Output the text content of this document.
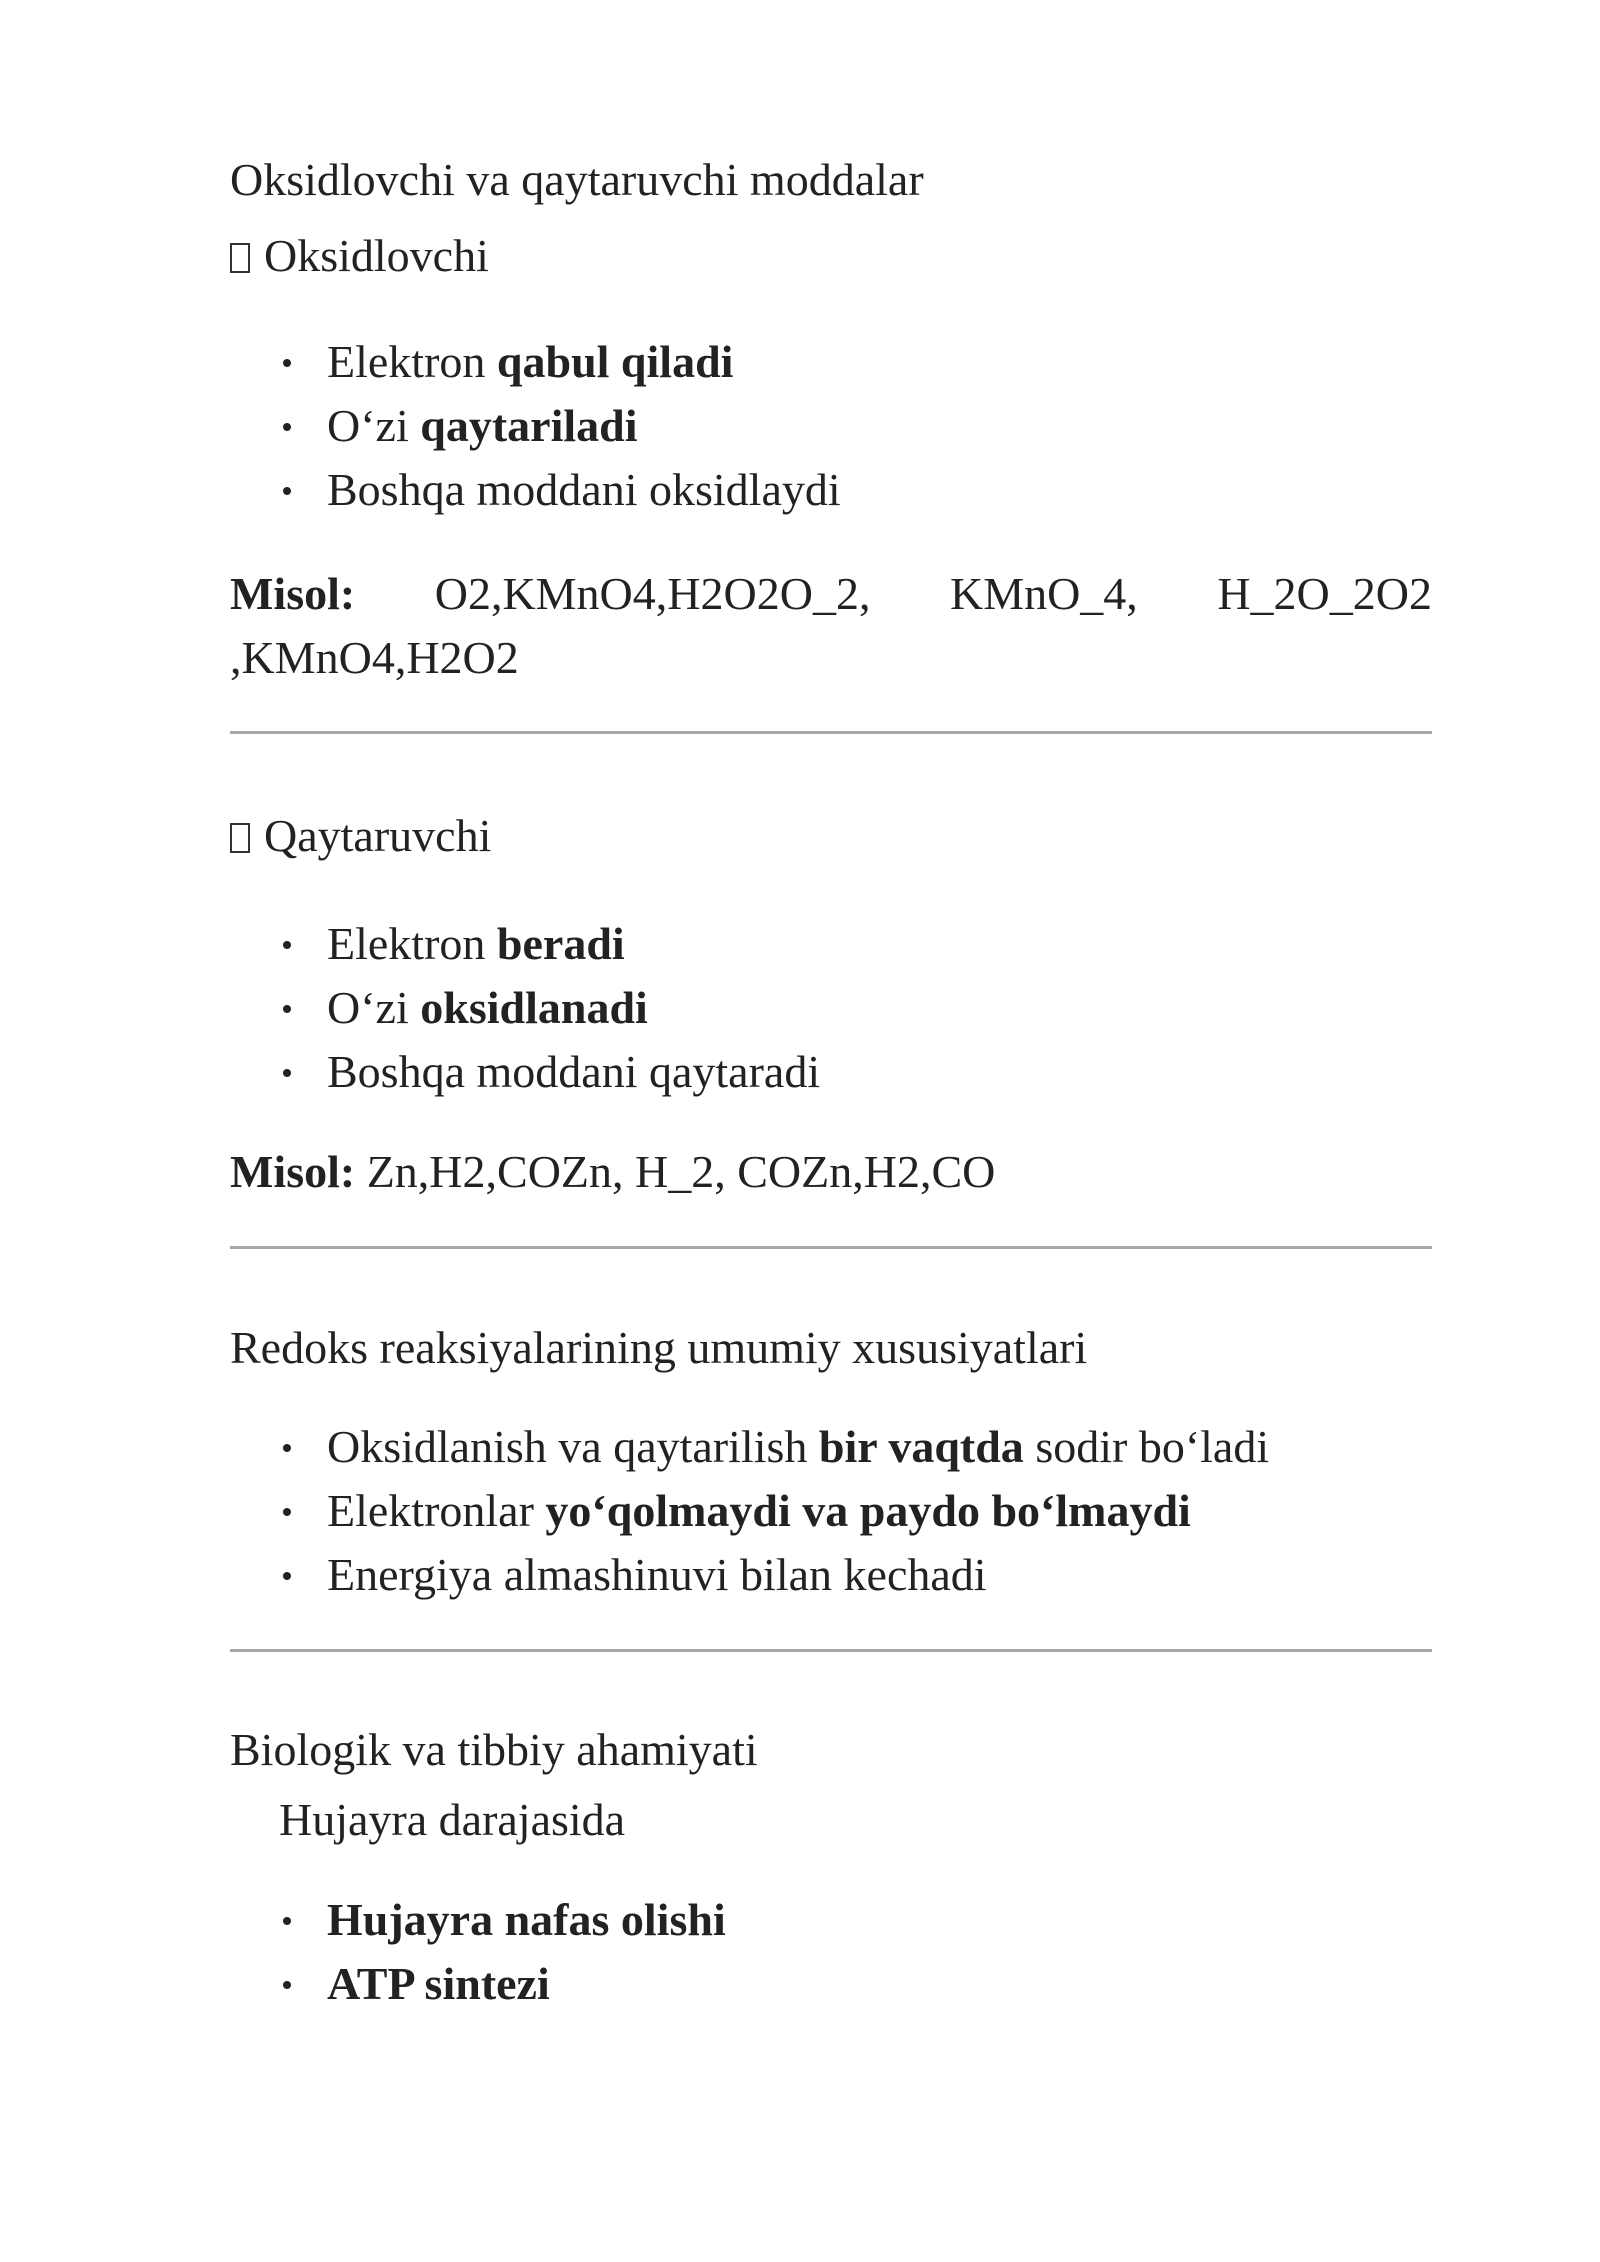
Oksidlovchi va qaytaruvchi moddalar
Oksidlovchi
Elektron qabul qiladi
O‘zi qaytariladi
Boshqa moddani oksidlaydi
Misol: O2,KMnO4,H2O2O_2, KMnO_4, H_2O_2O2
,KMnO4,H2O2
Qaytaruvchi
Elektron beradi
O‘zi oksidlanadi
Boshqa moddani qaytaradi
Misol: Zn,H2,COZn, H_2, COZn,H2,CO
Redoks reaksiyalarining umumiy xususiyatlari
Oksidlanish va qaytarilish bir vaqtda sodir bo‘ladi
Elektronlar yo‘qolmaydi va paydo bo‘lmaydi
Energiya almashinuvi bilan kechadi
Biologik va tibbiy ahamiyati
Hujayra darajasida
Hujayra nafas olishi
ATP sintezi
